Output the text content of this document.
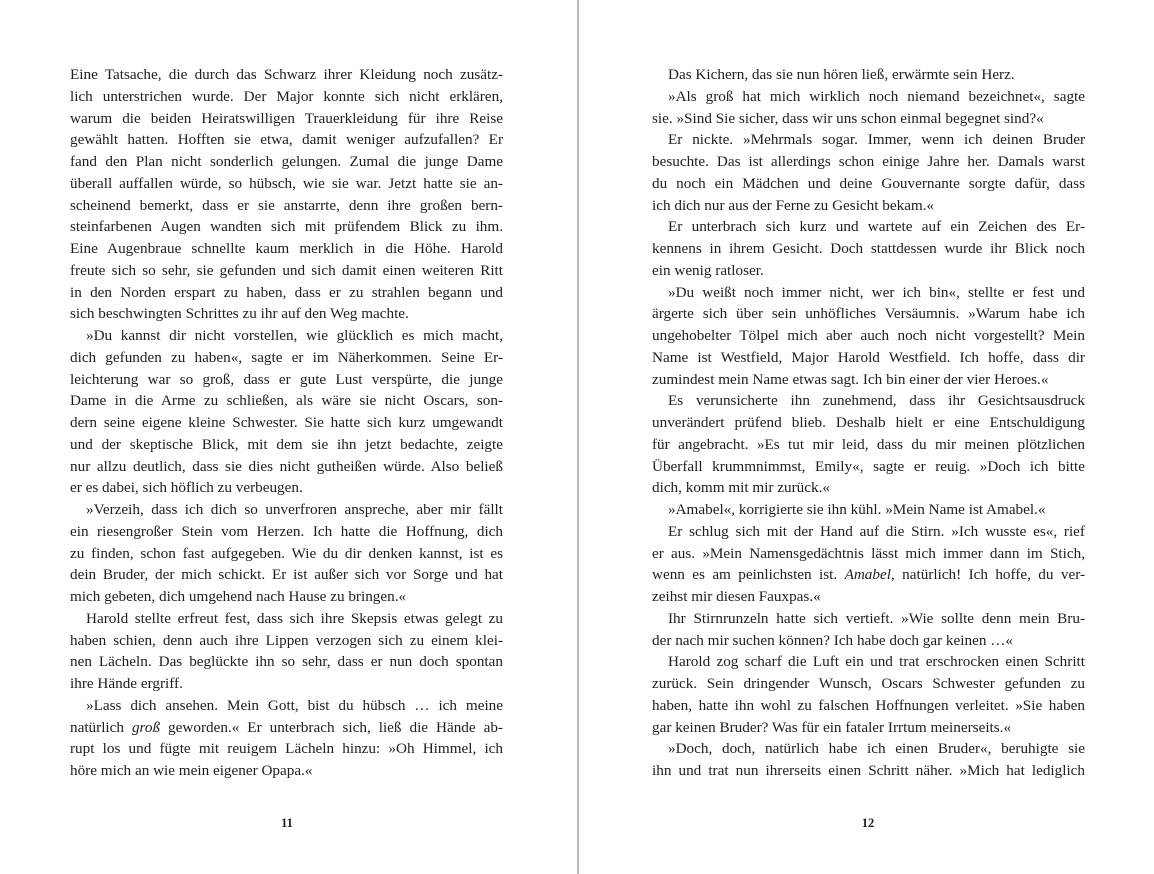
Eine Tatsache, die durch das Schwarz ihrer Kleidung noch zusätz-
lich unterstrichen wurde. Der Major konnte sich nicht erklären,
warum die beiden Heiratswilligen Trauerkleidung für ihre Reise
gewählt hatten. Hofften sie etwa, damit weniger aufzufallen? Er
fand den Plan nicht sonderlich gelungen. Zumal die junge Dame
überall auffallen würde, so hübsch, wie sie war. Jetzt hatte sie an-
scheinend bemerkt, dass er sie anstarrte, denn ihre großen bern-
steinfarbenen Augen wandten sich mit prüfendem Blick zu ihm.
Eine Augenbraue schnellte kaum merklich in die Höhe. Harold
freute sich so sehr, sie gefunden und sich damit einen weiteren Ritt
in den Norden erspart zu haben, dass er zu strahlen begann und
sich beschwingten Schrittes zu ihr auf den Weg machte.
»Du kannst dir nicht vorstellen, wie glücklich es mich macht,
dich gefunden zu haben«, sagte er im Näherkommen. Seine Er-
leichterung war so groß, dass er gute Lust verspürte, die junge
Dame in die Arme zu schließen, als wäre sie nicht Oscars, son-
dern seine eigene kleine Schwester. Sie hatte sich kurz umgewandt
und der skeptische Blick, mit dem sie ihn jetzt bedachte, zeigte
nur allzu deutlich, dass sie dies nicht gutheißen würde. Also beließ
er es dabei, sich höflich zu verbeugen.
»Verzeih, dass ich dich so unverfroren anspreche, aber mir fällt
ein riesengroßer Stein vom Herzen. Ich hatte die Hoffnung, dich
zu finden, schon fast aufgegeben. Wie du dir denken kannst, ist es
dein Bruder, der mich schickt. Er ist außer sich vor Sorge und hat
mich gebeten, dich umgehend nach Hause zu bringen.«
Harold stellte erfreut fest, dass sich ihre Skepsis etwas gelegt zu
haben schien, denn auch ihre Lippen verzogen sich zu einem klei-
nen Lächeln. Das beglückte ihn so sehr, dass er nun doch spontan
ihre Hände ergriff.
»Lass dich ansehen. Mein Gott, bist du hübsch … ich meine
natürlich groß geworden.« Er unterbrach sich, ließ die Hände ab-
rupt los und fügte mit reuigem Lächeln hinzu: »Oh Himmel, ich
höre mich an wie mein eigener Opapa.«
Das Kichern, das sie nun hören ließ, erwärmte sein Herz.
»Als groß hat mich wirklich noch niemand bezeichnet«, sagte
sie. »Sind Sie sicher, dass wir uns schon einmal begegnet sind?«
Er nickte. »Mehrmals sogar. Immer, wenn ich deinen Bruder
besuchte. Das ist allerdings schon einige Jahre her. Damals warst
du noch ein Mädchen und deine Gouvernante sorgte dafür, dass
ich dich nur aus der Ferne zu Gesicht bekam.«
Er unterbrach sich kurz und wartete auf ein Zeichen des Er-
kennens in ihrem Gesicht. Doch stattdessen wurde ihr Blick noch
ein wenig ratloser.
»Du weißt noch immer nicht, wer ich bin«, stellte er fest und
ärgerte sich über sein unhöfliches Versäumnis. »Warum habe ich
ungehobelter Tölpel mich aber auch noch nicht vorgestellt? Mein
Name ist Westfield, Major Harold Westfield. Ich hoffe, dass dir
zumindest mein Name etwas sagt. Ich bin einer der vier Heroes.«
Es verunsicherte ihn zunehmend, dass ihr Gesichtsausdruck
unverändert prüfend blieb. Deshalb hielt er eine Entschuldigung
für angebracht. »Es tut mir leid, dass du mir meinen plötzlichen
Überfall krummnimmst, Emily«, sagte er reuig. »Doch ich bitte
dich, komm mit mir zurück.«
»Amabel«, korrigierte sie ihn kühl. »Mein Name ist Amabel.«
Er schlug sich mit der Hand auf die Stirn. »Ich wusste es«, rief
er aus. »Mein Namensgedächtnis lässt mich immer dann im Stich,
wenn es am peinlichsten ist. Amabel, natürlich! Ich hoffe, du ver-
zeihst mir diesen Fauxpas.«
Ihr Stirnrunzeln hatte sich vertieft. »Wie sollte denn mein Bru-
der nach mir suchen können? Ich habe doch gar keinen …«
Harold zog scharf die Luft ein und trat erschrocken einen Schritt
zurück. Sein dringender Wunsch, Oscars Schwester gefunden zu
haben, hatte ihn wohl zu falschen Hoffnungen verleitet. »Sie haben
gar keinen Bruder? Was für ein fataler Irrtum meinerseits.«
»Doch, doch, natürlich habe ich einen Bruder«, beruhigte sie
ihn und trat nun ihrerseits einen Schritt näher. »Mich hat lediglich
11	12
